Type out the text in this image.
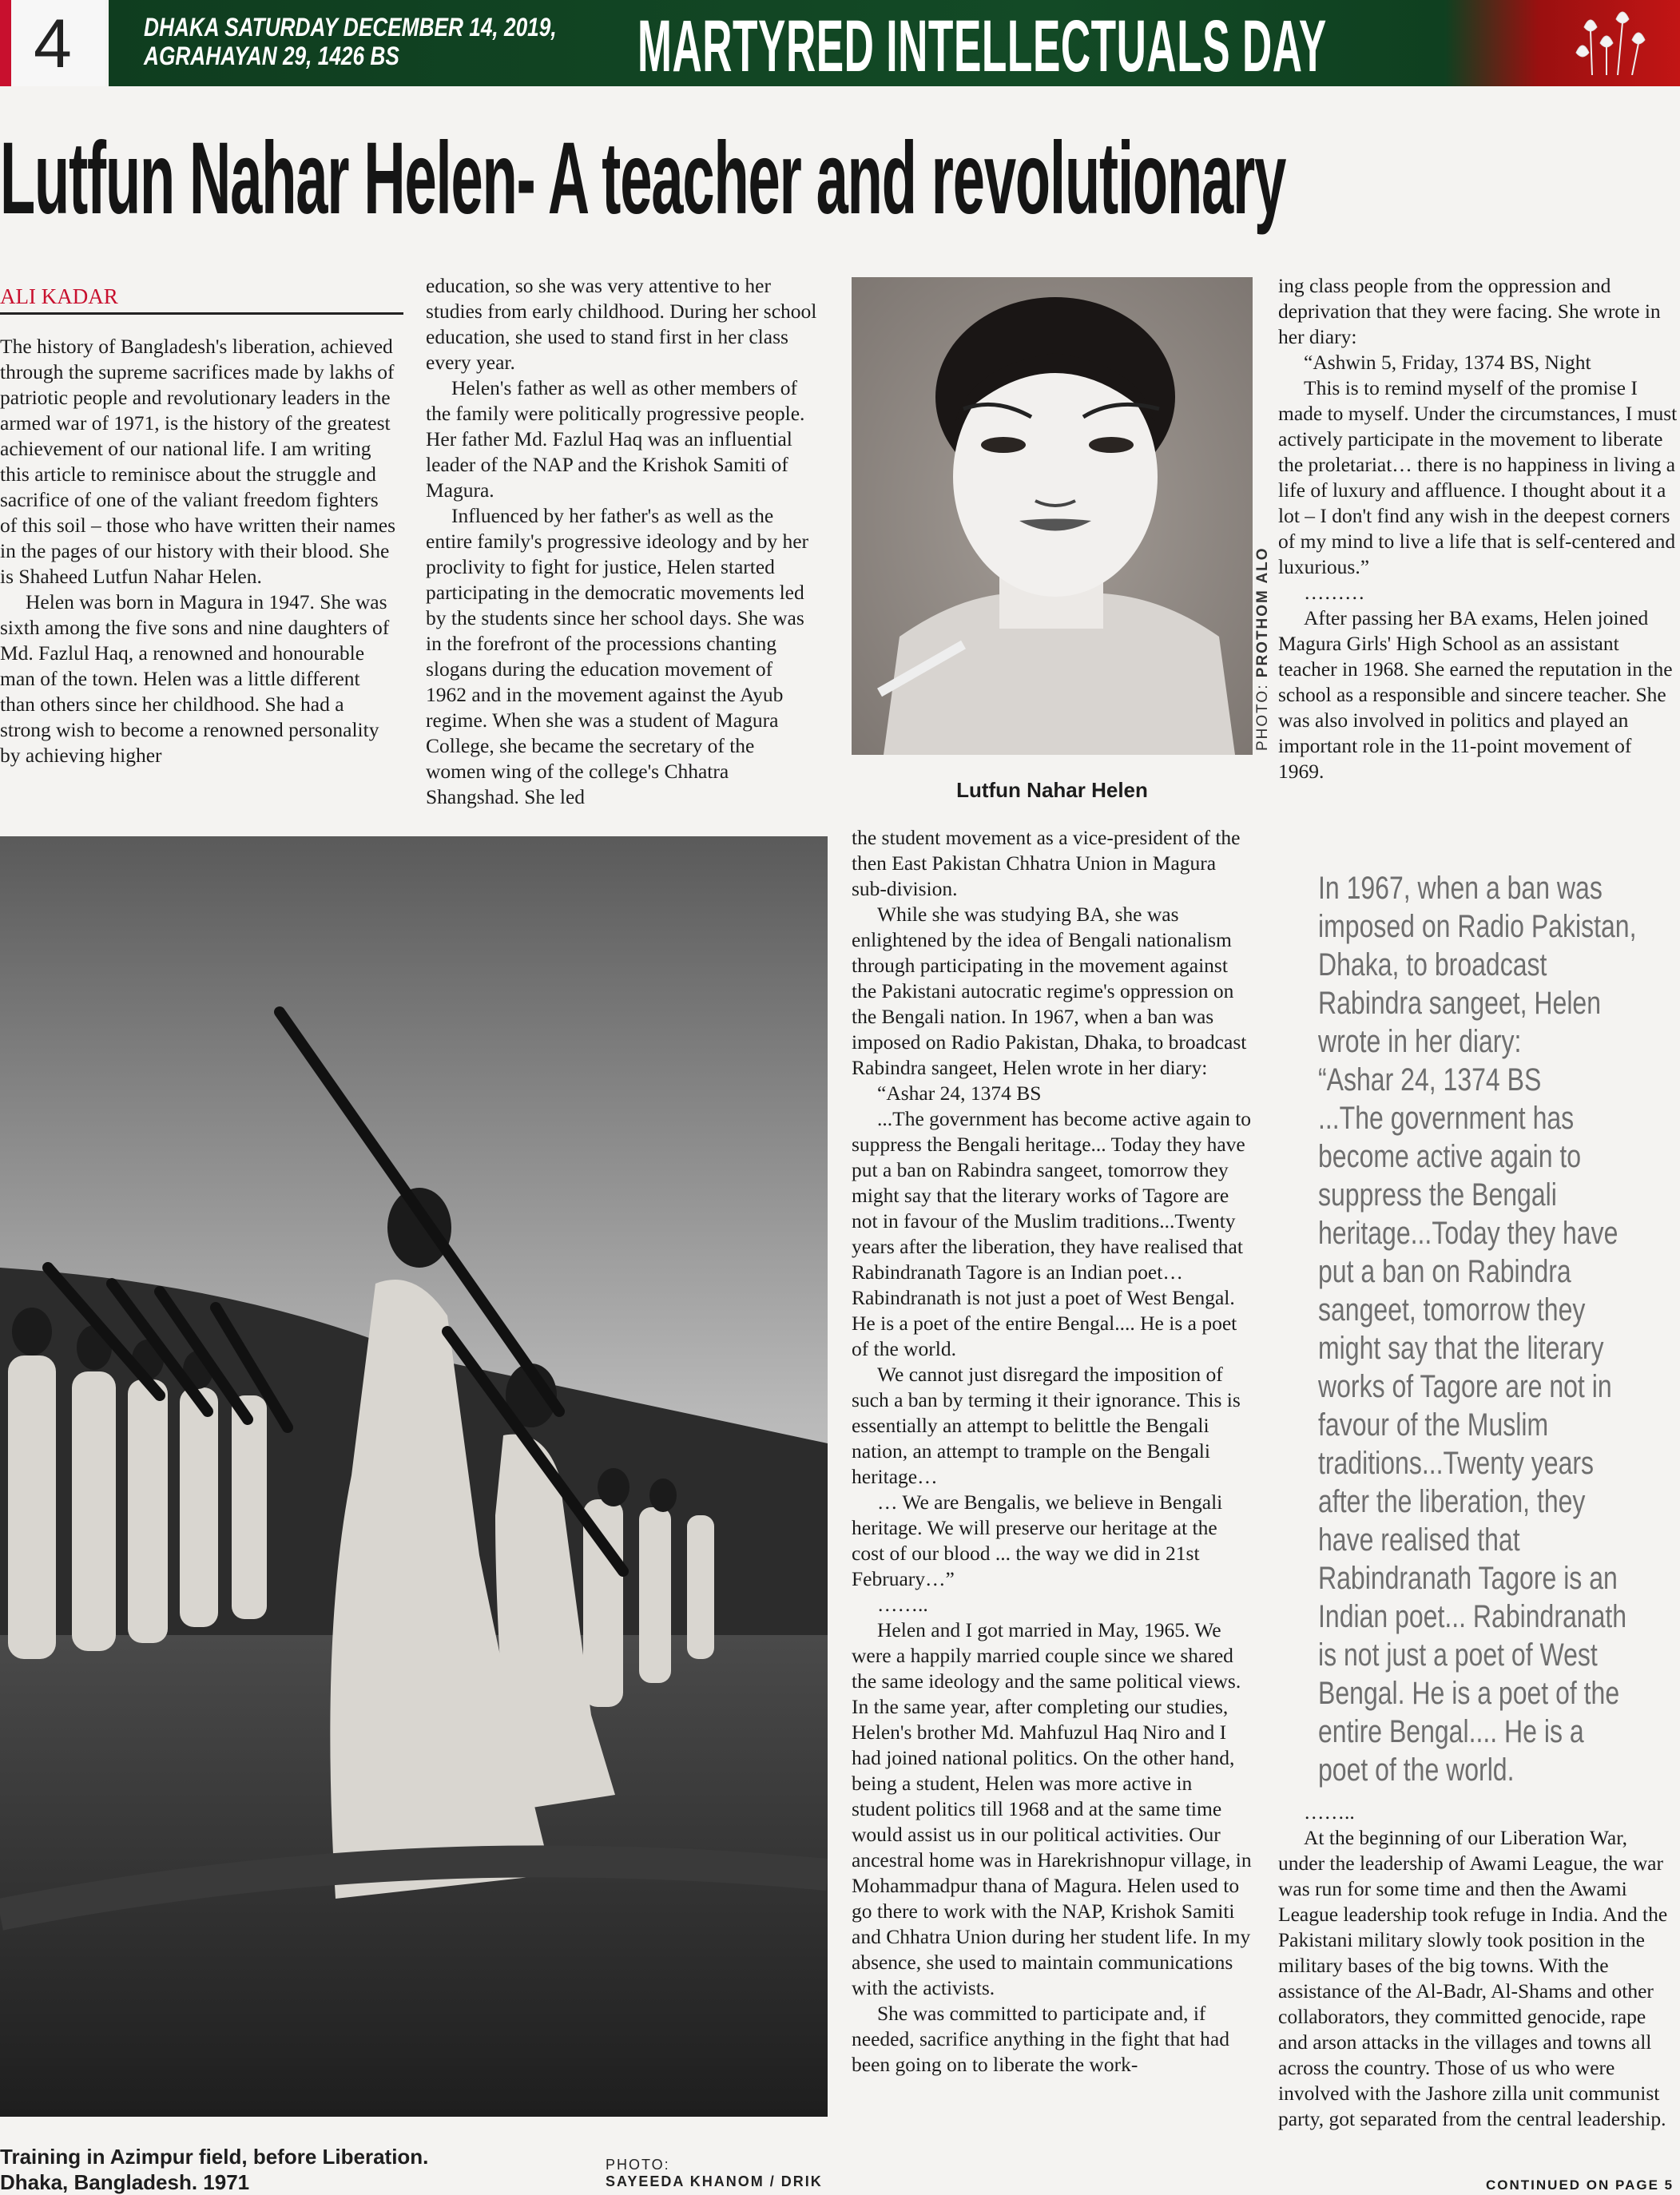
4	DHAKA SATURDAY DECEMBER 14, 2019,
AGRAHAYAN 29, 1426 BS	MARTYRED INTELLECTUALS DAY
Lutfun Nahar Helen- A teacher and revolutionary
ALI KADAR

The history of Bangladesh's liberation, achieved through the supreme sacrifices made by lakhs of patriotic people and revolutionary leaders in the armed war of 1971, is the history of the greatest achievement of our national life. I am writing this article to reminisce about the struggle and sacrifice of one of the valiant freedom fighters of this soil – those who have written their names in the pages of our history with their blood. She is Shaheed Lutfun Nahar Helen.

Helen was born in Magura in 1947. She was sixth among the five sons and nine daughters of Md. Fazlul Haq, a renowned and honourable man of the town. Helen was a little different than others since her childhood. She had a strong wish to become a renowned personality by achieving higher

education, so she was very attentive to her studies from early childhood. During her school education, she used to stand first in her class every year.

Helen's father as well as other members of the family were politically progressive people. Her father Md. Fazlul Haq was an influential leader of the NAP and the Krishok Samiti of Magura.

Influenced by her father's as well as the entire family's progressive ideology and by her proclivity to fight for justice, Helen started participating in the democratic movements led by the students since her school days. She was in the forefront of the processions chanting slogans during the education movement of 1962 and in the movement against the Ayub regime. When she was a student of Magura College, she became the secretary of the women wing of the college's Chhatra Shangshad. She led

PHOTO: PROTHOM ALO
Lutfun Nahar Helen

ing class people from the oppression and deprivation that they were facing. She wrote in her diary:

“Ashwin 5, Friday, 1374 BS, Night

This is to remind myself of the promise I made to myself. Under the circumstances, I must actively participate in the movement to liberate the proletariat… there is no happiness in living a life of luxury and affluence. I thought about it a lot – I don't find any wish in the deepest corners of my mind to live a life that is self-centered and luxurious.”

………

After passing her BA exams, Helen joined Magura Girls' High School as an assistant teacher in 1968. She earned the reputation in the school as a responsible and sincere teacher. She was also involved in politics and played an important role in the 11-point movement of 1969.

Training in Azimpur field, before Liberation.
Dhaka, Bangladesh. 1971
PHOTO:
SAYEEDA KHANOM / DRIK

the student movement as a vice-president of the then East Pakistan Chhatra Union in Magura sub-division.

While she was studying BA, she was enlightened by the idea of Bengali nationalism through participating in the movement against the Pakistani autocratic regime's oppression on the Bengali nation. In 1967, when a ban was imposed on Radio Pakistan, Dhaka, to broadcast Rabindra sangeet, Helen wrote in her diary:

“Ashar 24, 1374 BS

...The government has become active again to suppress the Bengali heritage... Today they have put a ban on Rabindra sangeet, tomorrow they might say that the literary works of Tagore are not in favour of the Muslim traditions...Twenty years after the liberation, they have realised that Rabindranath Tagore is an Indian poet… Rabindranath is not just a poet of West Bengal. He is a poet of the entire Bengal.... He is a poet of the world.

We cannot just disregard the imposition of such a ban by terming it their ignorance. This is essentially an attempt to belittle the Bengali nation, an attempt to trample on the Bengali heritage…

… We are Bengalis, we believe in Bengali heritage. We will preserve our heritage at the cost of our blood ... the way we did in 21st February…”

……..

Helen and I got married in May, 1965. We were a happily married couple since we shared the same ideology and the same political views. In the same year, after completing our studies, Helen's brother Md. Mahfuzul Haq Niro and I had joined national politics. On the other hand, being a student, Helen was more active in student politics till 1968 and at the same time would assist us in our political activities. Our ancestral home was in Harekrishnopur village, in Mohammadpur thana of Magura. Helen used to go there to work with the NAP, Krishok Samiti and Chhatra Union during her student life. In my absence, she used to maintain communications with the activists.

She was committed to participate and, if needed, sacrifice anything in the fight that had been going on to liberate the work-

In 1967, when a ban was imposed on Radio Pakistan, Dhaka, to broadcast Rabindra sangeet, Helen wrote in her diary:
“Ashar 24, 1374 BS
...The government has become active again to suppress the Bengali heritage...Today they have put a ban on Rabindra sangeet, tomorrow they might say that the literary works of Tagore are not in favour of the Muslim traditions...Twenty years after the liberation, they have realised that Rabindranath Tagore is an Indian poet... Rabindranath is not just a poet of West Bengal. He is a poet of the entire Bengal.... He is a poet of the world.

……..

At the beginning of our Liberation War, under the leadership of Awami League, the war was run for some time and then the Awami League leadership took refuge in India. And the Pakistani military slowly took position in the military bases of the big towns. With the assistance of the Al-Badr, Al-Shams and other collaborators, they committed genocide, rape and arson attacks in the villages and towns all across the country. Those of us who were involved with the Jashore zilla unit communist party, got separated from the central leadership.

CONTINUED ON PAGE 5
